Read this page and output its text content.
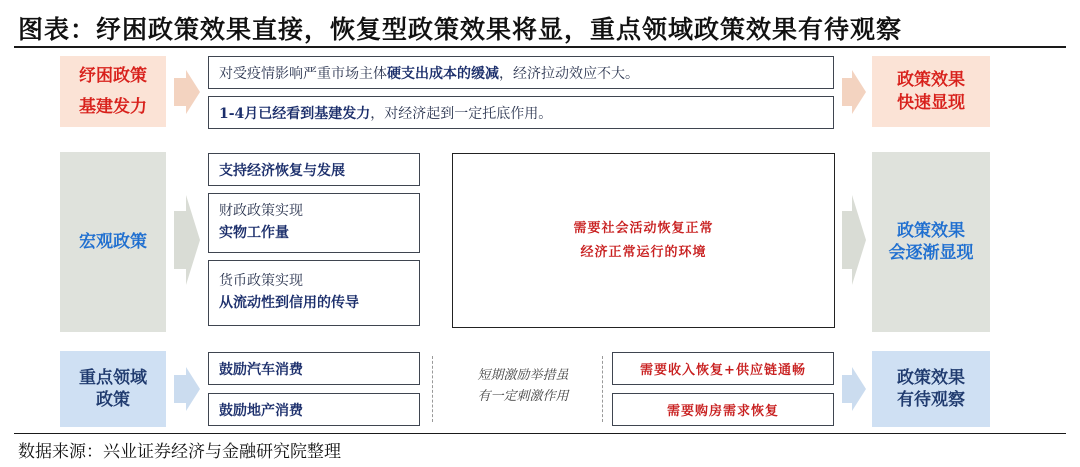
图表：纾困政策效果直接，恢复型政策效果将显，重点领域政策效果有待观察
纾困政策
基建发力
对受疫情影响严重市场主体 硬支出成本的缓减 ，经济拉动效应不大。
1-4月已经看到基建发力 ，对经济起到一定托底作用。
政策效果
快速显现
宏观政策
支持经济恢复与发展
财政政策实现
实物工作量
货币政策实现
从流动性到信用的传导
需要社会活动恢复正常
经济正常运行的环境
政策效果
会逐渐显现
重点领域
政策
鼓励汽车消费
鼓励地产消费
短期激励举措虽
有一定刺激作用
需要收入恢复+供应链通畅
需要购房需求恢复
政策效果
有待观察
数据来源：兴业证券经济与金融研究院整理
